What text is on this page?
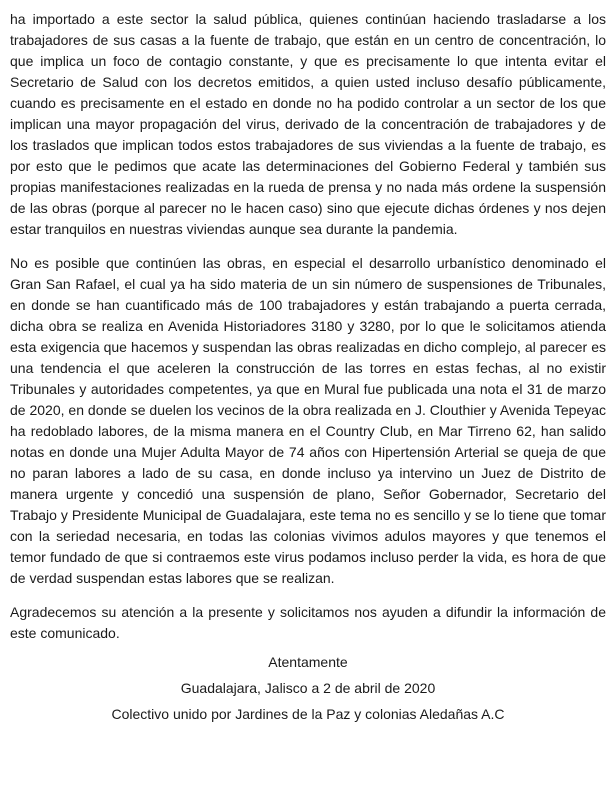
ha importado a este sector la salud pública, quienes continúan haciendo trasladarse a los trabajadores de sus casas a la fuente de trabajo, que están en un centro de concentración, lo que implica un foco de contagio constante, y que es precisamente lo que intenta evitar el Secretario de Salud con los decretos emitidos, a quien usted incluso desafío públicamente, cuando es precisamente en el estado en donde no ha podido controlar a un sector de los que implican una mayor propagación del virus, derivado de la concentración de trabajadores y de los traslados que implican todos estos trabajadores de sus viviendas a la fuente de trabajo, es por esto que le pedimos que acate las determinaciones del Gobierno Federal y también sus propias manifestaciones realizadas en la rueda de prensa y no nada más ordene la suspensión de las obras (porque al parecer no le hacen caso) sino que ejecute dichas órdenes y nos dejen estar tranquilos en nuestras viviendas aunque sea durante la pandemia.

No es posible que continúen las obras, en especial el desarrollo urbanístico denominado el Gran San Rafael, el cual ya ha sido materia de un sin número de suspensiones de Tribunales, en donde se han cuantificado más de 100 trabajadores y están trabajando a puerta cerrada, dicha obra se realiza en Avenida Historiadores 3180 y 3280, por lo que le solicitamos atienda esta exigencia que hacemos y suspendan las obras realizadas en dicho complejo, al parecer es una tendencia el que aceleren la construcción de las torres en estas fechas, al no existir Tribunales y autoridades competentes, ya que en Mural fue publicada una nota el 31 de marzo de 2020, en donde se duelen los vecinos de la obra realizada en J. Clouthier y Avenida Tepeyac ha redoblado labores, de la misma manera en el Country Club, en Mar Tirreno 62, han salido notas en donde una Mujer Adulta Mayor de 74 años con Hipertensión Arterial se queja de que no paran labores a lado de su casa, en donde incluso ya intervino un Juez de Distrito de manera urgente y concedió una suspensión de plano, Señor Gobernador, Secretario del Trabajo y Presidente Municipal de Guadalajara, este tema no es sencillo y se lo tiene que tomar con la seriedad necesaria, en todas las colonias vivimos adulos mayores y que tenemos el temor fundado de que si contraemos este virus podamos incluso perder la vida, es hora de que de verdad suspendan estas labores que se realizan.

Agradecemos su atención a la presente y solicitamos nos ayuden a difundir la información de este comunicado.

Atentamente

Guadalajara, Jalisco a 2 de abril de 2020

Colectivo unido por Jardines de la Paz y colonias Aledañas A.C
